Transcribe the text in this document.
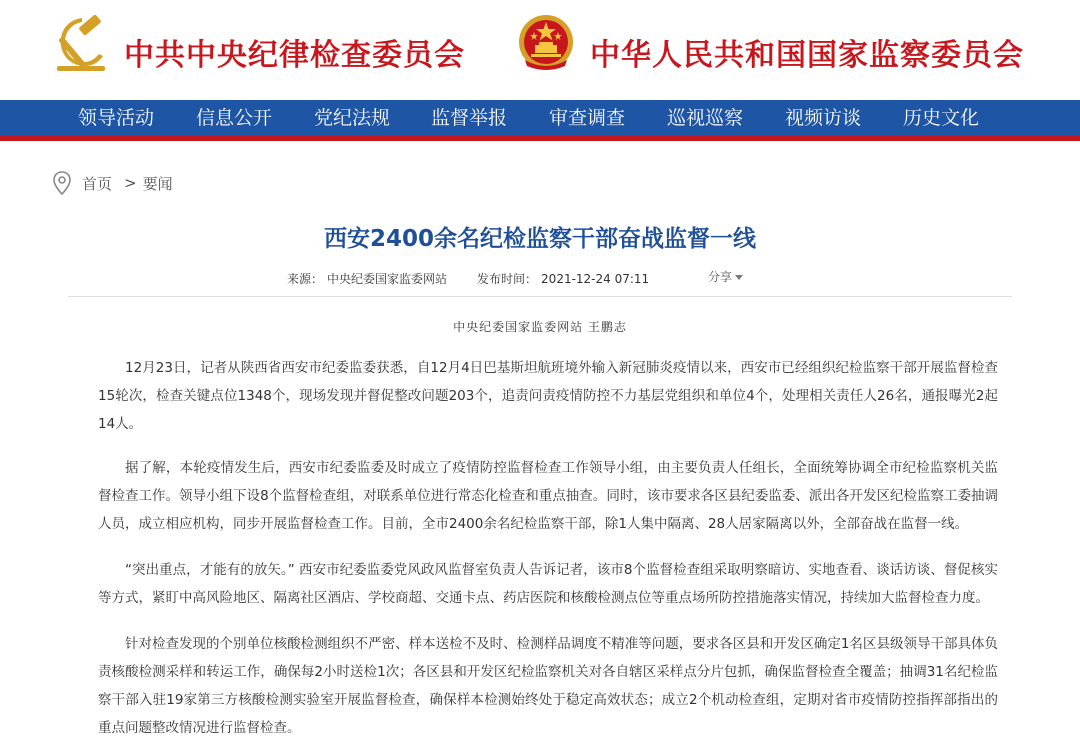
中共中央纪律检查委员会	中华人民共和国国家监察委员会
领导活动 信息公开 党纪法规 监督举报 审查调查 巡视巡察 视频访谈 历史文化
首页 > 要闻
西安2400余名纪检监察干部奋战监督一线
来源： 中央纪委国家监委网站	发布时间： 2021-12-24 07:11	分享
中央纪委国家监委网站 王鹏志

12月23日，记者从陕西省西安市纪委监委获悉，自12月4日巴基斯坦航班境外输入新冠肺炎疫情以来，西安市已经组织纪检监察干部开展监督检查15轮次，检查关键点位1348个，现场发现并督促整改问题203个，追责问责疫情防控不力基层党组织和单位4个，处理相关责任人26名，通报曝光2起14人。

据了解，本轮疫情发生后，西安市纪委监委及时成立了疫情防控监督检查工作领导小组，由主要负责人任组长，全面统筹协调全市纪检监察机关监督检查工作。领导小组下设8个监督检查组，对联系单位进行常态化检查和重点抽查。同时，该市要求各区县纪委监委、派出各开发区纪检监察工委抽调人员，成立相应机构，同步开展监督检查工作。目前，全市2400余名纪检监察干部，除1人集中隔离、28人居家隔离以外，全部奋战在监督一线。

“突出重点，才能有的放矢。” 西安市纪委监委党风政风监督室负责人告诉记者，该市8个监督检查组采取明察暗访、实地查看、谈话访谈、督促核实等方式，紧盯中高风险地区、隔离社区酒店、学校商超、交通卡点、药店医院和核酸检测点位等重点场所防控措施落实情况，持续加大监督检查力度。

针对检查发现的个别单位核酸检测组织不严密、样本送检不及时、检测样品调度不精准等问题，要求各区县和开发区确定1名区县级领导干部具体负责核酸检测采样和转运工作，确保每2小时送检1次；各区县和开发区纪检监察机关对各自辖区采样点分片包抓，确保监督检查全覆盖；抽调31名纪检监察干部入驻19家第三方核酸检测实验室开展监督检查，确保样本检测始终处于稳定高效状态；成立2个机动检查组，定期对省市疫情防控指挥部指出的重点问题整改情况进行监督检查。
